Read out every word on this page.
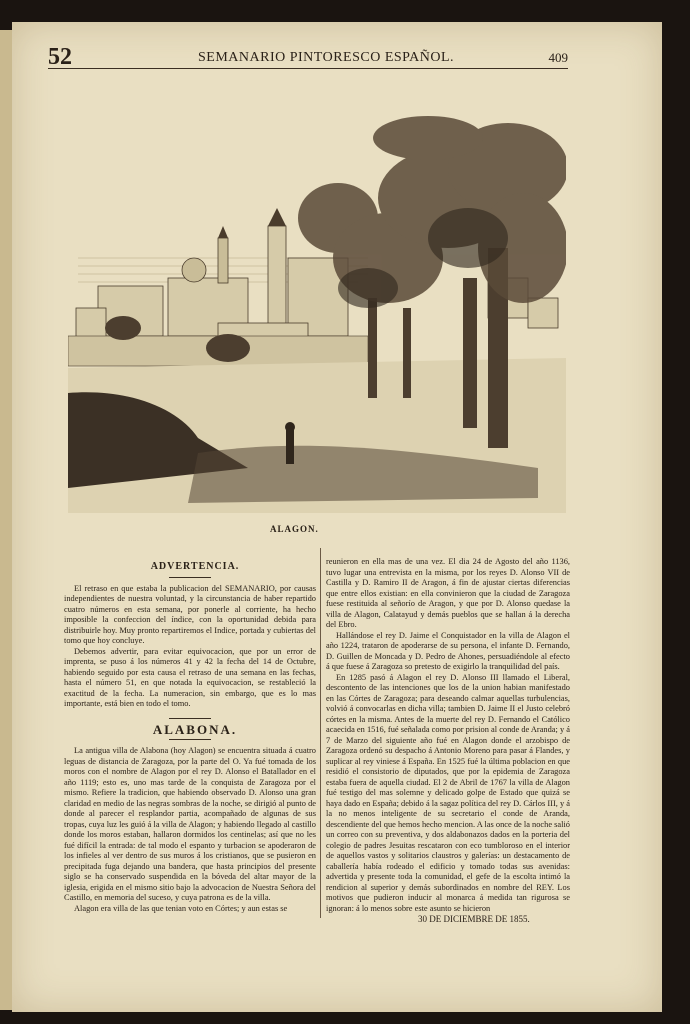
52	SEMANARIO PINTORESCO ESPAÑOL.	409
ALAGON.

ADVERTENCIA.

El retraso en que estaba la publicacion del SEMANARIO, por causas independientes de nuestra voluntad, y la circunstancia de haber repartido cuatro números en esta semana, por ponerle al corriente, ha hecho imposible la confeccion del índice, con la oportunidad debida para distribuirle hoy. Muy pronto repartiremos el Indice, portada y cubiertas del tomo que hoy concluye.

Debemos advertir, para evitar equivocacion, que por un error de imprenta, se puso á los números 41 y 42 la fecha del 14 de Octubre, habiendo seguido por esta causa el retraso de una semana en las fechas, hasta el número 51, en que notada la equivocacion, se restableció la exactitud de la fecha. La numeracion, sin embargo, que es lo mas importante, está bien en todo el tomo.

ALABONA.

La antigua villa de Alabona (hoy Alagon) se encuentra situada á cuatro leguas de distancia de Zaragoza, por la parte del O. Ya fué tomada de los moros con el nombre de Alagon por el rey D. Alonso el Batallador en el año 1119; esto es, uno mas tarde de la conquista de Zaragoza por el mismo. Refiere la tradicion, que habiendo observado D. Alonso una gran claridad en medio de las negras sombras de la noche, se dirigió al punto de donde al parecer el resplandor partia, acompañado de algunas de sus tropas, cuya luz les guió á la villa de Alagon; y habiendo llegado al castillo donde los moros estaban, hallaron dormidos los centinelas; así que no les fué difícil la entrada: de tal modo el espanto y turbacion se apoderaron de los infieles al ver dentro de sus muros á los cristianos, que se pusieron en precipitada fuga dejando una bandera, que hasta principios del presente siglo se ha conservado suspendida en la bóveda del altar mayor de la iglesia, erigida en el mismo sitio bajo la advocacion de Nuestra Señora del Castillo, en memoria del suceso, y cuya patrona es de la villa.

Alagon era villa de las que tenian voto en Córtes; y aun estas se

reunieron en ella mas de una vez. El dia 24 de Agosto del año 1136, tuvo lugar una entrevista en la misma, por los reyes D. Alonso VII de Castilla y D. Ramiro II de Aragon, á fin de ajustar ciertas diferencias que entre ellos existian: en ella convinieron que la ciudad de Zaragoza fuese restituida al señorío de Aragon, y que por D. Alonso quedase la villa de Alagon, Calatayud y demás pueblos que se hallan á la derecha del Ebro.

Hallándose el rey D. Jaime el Conquistador en la villa de Alagon el año 1224, trataron de apoderarse de su persona, el infante D. Fernando, D. Guillen de Moncada y D. Pedro de Ahones, persuadiéndole al efecto á que fuese á Zaragoza so pretesto de exigirlo la tranquilidad del país.

En 1285 pasó á Alagon el rey D. Alonso III llamado el Liberal, descontento de las intenciones que los de la union habian manifestado en las Córtes de Zaragoza; para deseando calmar aquellas turbulencias, volvió á convocarlas en dicha villa; tambien D. Jaime II el Justo celebró córtes en la misma. Antes de la muerte del rey D. Fernando el Católico acaecida en 1516, fué señalada como por prision al conde de Aranda; y á 7 de Marzo del siguiente año fué en Alagon donde el arzobispo de Zaragoza ordenó su despacho á Antonio Moreno para pasar á Flandes, y suplicar al rey viniese á España. En 1525 fué la última poblacion en que residió el consistorio de diputados, que por la epidemia de Zaragoza estaba fuera de aquella ciudad. El 2 de Abril de 1767 la villa de Alagon fué testigo del mas solemne y delicado golpe de Estado que quizá se haya dado en España; debido á la sagaz política del rey D. Cárlos III, y á la no menos inteligente de su secretario el conde de Aranda, descendiente del que hemos hecho mencion. A las once de la noche salió un correo con su preventiva, y dos aldabonazos dados en la porteria del colegio de padres Jesuitas rescataron con eco tumbloroso en el interior de aquellos vastos y solitarios claustros y galerías: un destacamento de caballería había rodeado el edificio y tomado todas sus avenidas: advertida y presente toda la comunidad, el gefe de la escolta intimó la rendicion al superior y demás subordinados en nombre del REY. Los motivos que pudieron inducir al monarca á medida tan rigurosa se ignoran: á lo menos sobre este asunto se hicieron

30 DE DICIEMBRE DE 1855.
